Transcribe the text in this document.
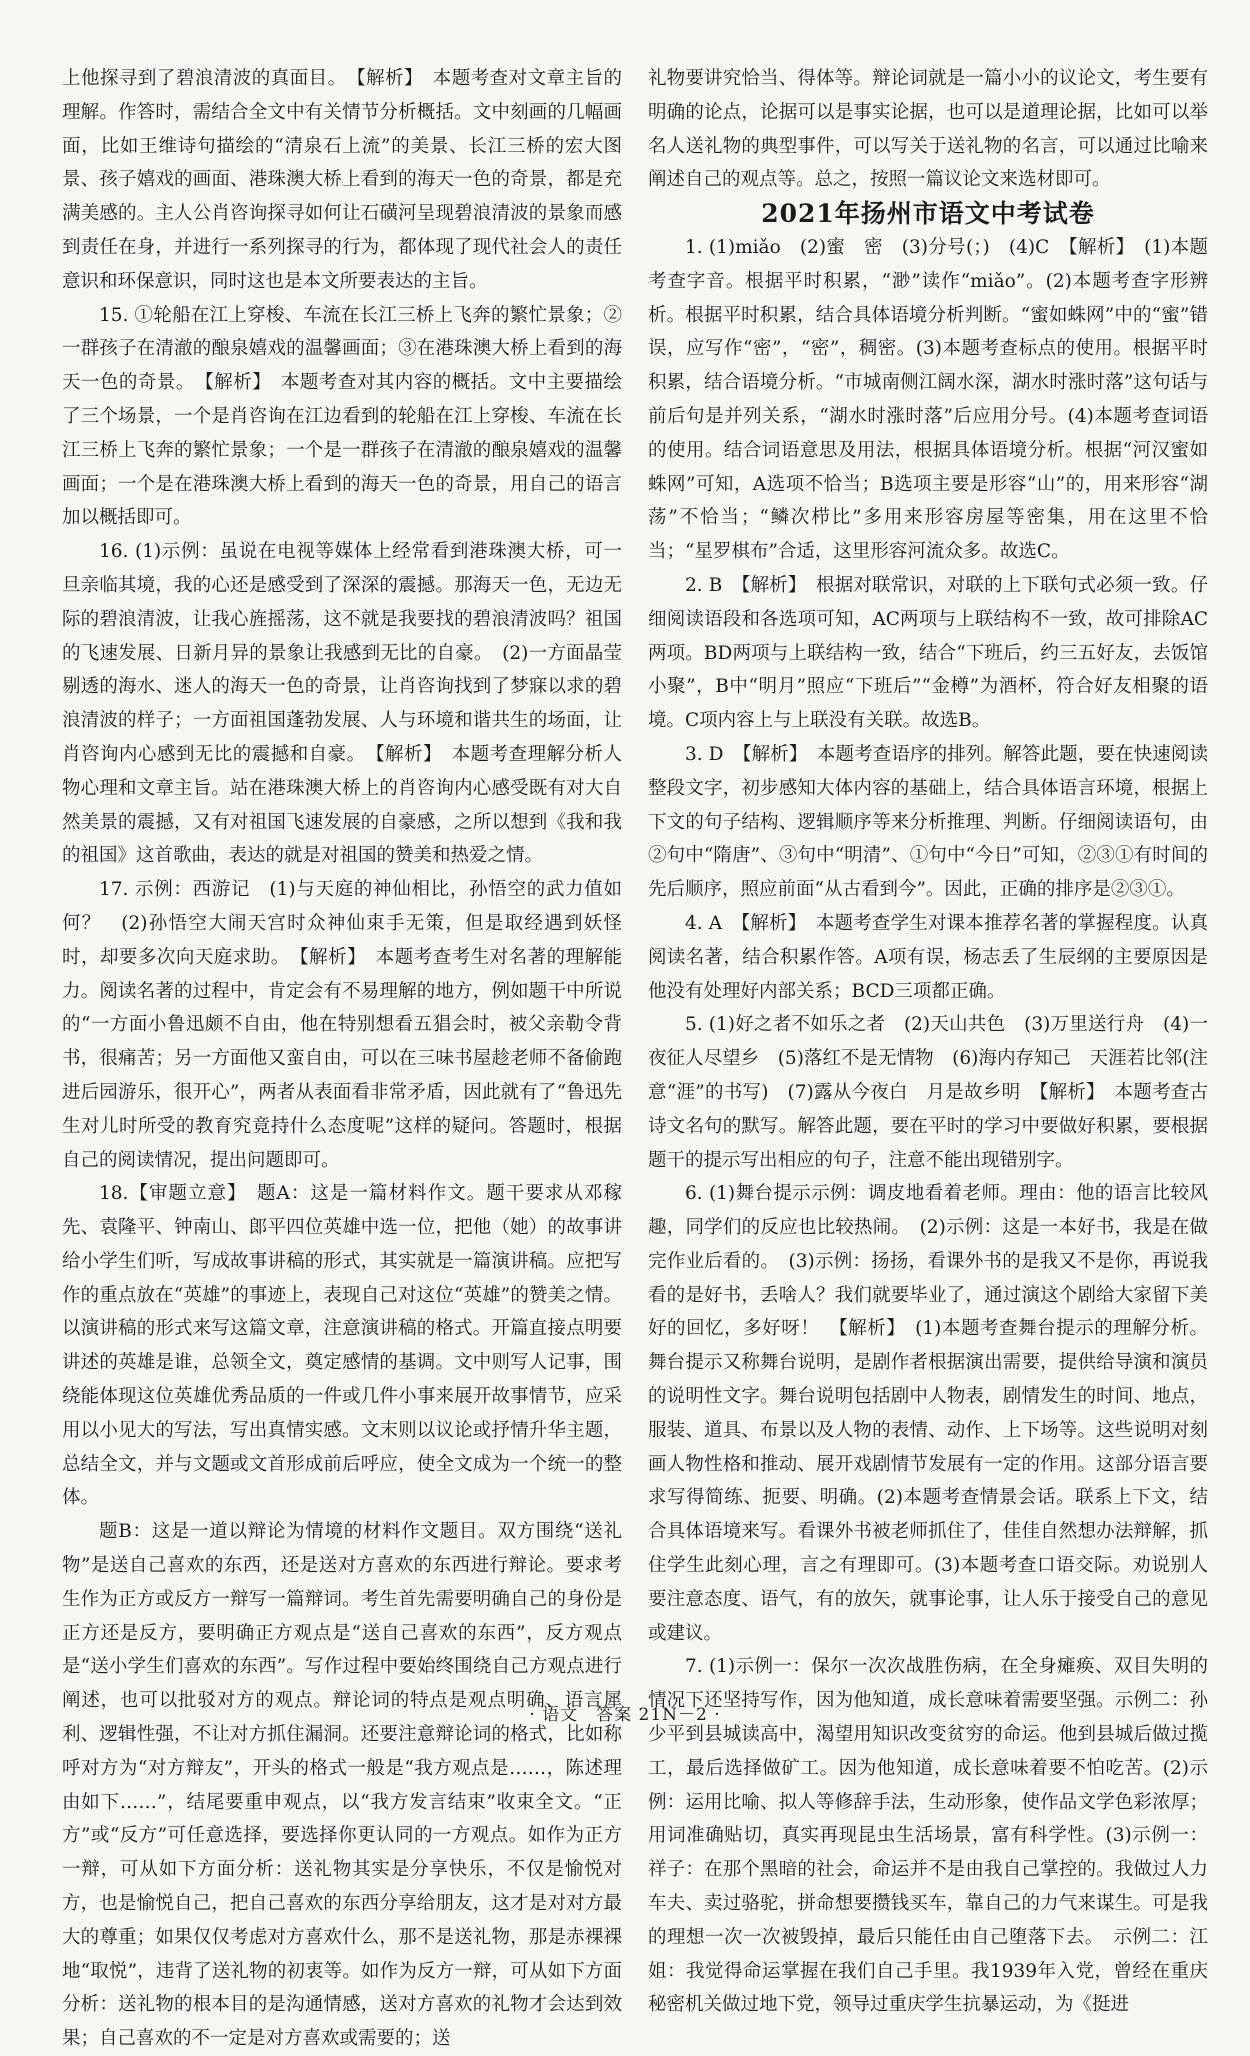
上他探寻到了碧浪清波的真面目。　【解析】　本题考查对文章主旨的理解。作答时，需结合全文中有关情节分析概括。文中刻画的几幅画面，比如王维诗句描绘的“清泉石上流”的美景、长江三桥的宏大图景、孩子嬉戏的画面、港珠澳大桥上看到的海天一色的奇景，都是充满美感的。主人公肖咨询探寻如何让石磺河呈现碧浪清波的景象而感到责任在身，并进行一系列探寻的行为，都体现了现代社会人的责任意识和环保意识，同时这也是本文所要表达的主旨。

15. ①轮船在江上穿梭、车流在长江三桥上飞奔的繁忙景象；②一群孩子在清澈的酿泉嬉戏的温馨画面；③在港珠澳大桥上看到的海天一色的奇景。　【解析】　本题考查对其内容的概括。文中主要描绘了三个场景，一个是肖咨询在江边看到的轮船在江上穿梭、车流在长江三桥上飞奔的繁忙景象；一个是一群孩子在清澈的酿泉嬉戏的温馨画面；一个是在港珠澳大桥上看到的海天一色的奇景，用自己的语言加以概括即可。

16. (1)示例：虽说在电视等媒体上经常看到港珠澳大桥，可一旦亲临其境，我的心还是感受到了深深的震撼。那海天一色，无边无际的碧浪清波，让我心旌摇荡，这不就是我要找的碧浪清波吗？祖国的飞速发展、日新月异的景象让我感到无比的自豪。　(2)一方面晶莹剔透的海水、迷人的海天一色的奇景，让肖咨询找到了梦寐以求的碧浪清波的样子；一方面祖国蓬勃发展、人与环境和谐共生的场面，让肖咨询内心感到无比的震撼和自豪。　【解析】　本题考查理解分析人物心理和文章主旨。站在港珠澳大桥上的肖咨询内心感受既有对大自然美景的震撼，又有对祖国飞速发展的自豪感，之所以想到《我和我的祖国》这首歌曲，表达的就是对祖国的赞美和热爱之情。

17. 示例：西游记　(1)与天庭的神仙相比，孙悟空的武力值如何？　(2)孙悟空大闹天宫时众神仙束手无策，但是取经遇到妖怪时，却要多次向天庭求助。　【解析】　本题考查考生对名著的理解能力。阅读名著的过程中，肯定会有不易理解的地方，例如题干中所说的“一方面小鲁迅颇不自由，他在特别想看五猖会时，被父亲勒令背书，很痛苦；另一方面他又蛮自由，可以在三味书屋趁老师不备偷跑进后园游乐，很开心”，两者从表面看非常矛盾，因此就有了“鲁迅先生对儿时所受的教育究竟持什么态度呢”这样的疑问。答题时，根据自己的阅读情况，提出问题即可。

18.【审题立意】　题A：这是一篇材料作文。题干要求从邓稼先、袁隆平、钟南山、郎平四位英雄中选一位，把他（她）的故事讲给小学生们听，写成故事讲稿的形式，其实就是一篇演讲稿。应把写作的重点放在“英雄”的事迹上，表现自己对这位“英雄”的赞美之情。以演讲稿的形式来写这篇文章，注意演讲稿的格式。开篇直接点明要讲述的英雄是谁，总领全文，奠定感情的基调。文中则写人记事，围绕能体现这位英雄优秀品质的一件或几件小事来展开故事情节，应采用以小见大的写法，写出真情实感。文末则以议论或抒情升华主题，总结全文，并与文题或文首形成前后呼应，使全文成为一个统一的整体。

题B：这是一道以辩论为情境的材料作文题目。双方围绕“送礼物”是送自己喜欢的东西，还是送对方喜欢的东西进行辩论。要求考生作为正方或反方一辩写一篇辩词。考生首先需要明确自己的身份是正方还是反方，要明确正方观点是“送自己喜欢的东西”，反方观点是“送小学生们喜欢的东西”。写作过程中要始终围绕自己方观点进行阐述，也可以批驳对方的观点。辩论词的特点是观点明确、语言犀利、逻辑性强，不让对方抓住漏洞。还要注意辩论词的格式，比如称呼对方为“对方辩友”，开头的格式一般是“我方观点是……，陈述理由如下……”，结尾要重申观点，以“我方发言结束”收束全文。“正方”或“反方”可任意选择，要选择你更认同的一方观点。如作为正方一辩，可从如下方面分析：送礼物其实是分享快乐，不仅是愉悦对方，也是愉悦自己，把自己喜欢的东西分享给朋友，这才是对对方最大的尊重；如果仅仅考虑对方喜欢什么，那不是送礼物，那是赤裸裸地“取悦”，违背了送礼物的初衷等。如作为反方一辩，可从如下方面分析：送礼物的根本目的是沟通情感，送对方喜欢的礼物才会达到效果；自己喜欢的不一定是对方喜欢或需要的；送

礼物要讲究恰当、得体等。辩论词就是一篇小小的议论文，考生要有明确的论点，论据可以是事实论据，也可以是道理论据，比如可以举名人送礼物的典型事件，可以写关于送礼物的名言，可以通过比喻来阐述自己的观点等。总之，按照一篇议论文来选材即可。

2021年扬州市语文中考试卷

1. (1)miǎo　(2)蜜　密　(3)分号(；)　(4)C　【解析】　(1)本题考查字音。根据平时积累，“渺”读作“miǎo”。(2)本题考查字形辨析。根据平时积累，结合具体语境分析判断。“蜜如蛛网”中的“蜜”错误，应写作“密”，“密”，稠密。(3)本题考查标点的使用。根据平时积累，结合语境分析。“市城南侧江阔水深，湖水时涨时落”这句话与前后句是并列关系，“湖水时涨时落”后应用分号。(4)本题考查词语的使用。结合词语意思及用法，根据具体语境分析。根据“河汉蜜如蛛网”可知，A选项不恰当；B选项主要是形容“山”的，用来形容“湖荡”不恰当；“鳞次栉比”多用来形容房屋等密集，用在这里不恰当；“星罗棋布”合适，这里形容河流众多。故选C。

2. B　【解析】　根据对联常识，对联的上下联句式必须一致。仔细阅读语段和各选项可知，AC两项与上联结构不一致，故可排除AC两项。BD两项与上联结构一致，结合“下班后，约三五好友，去饭馆小聚”，B中“明月”照应“下班后”“金樽”为酒杯，符合好友相聚的语境。C项内容上与上联没有关联。故选B。

3. D　【解析】　本题考查语序的排列。解答此题，要在快速阅读整段文字，初步感知大体内容的基础上，结合具体语言环境，根据上下文的句子结构、逻辑顺序等来分析推理、判断。仔细阅读语句，由②句中“隋唐”、③句中“明清”、①句中“今日”可知，②③①有时间的先后顺序，照应前面“从古看到今”。因此，正确的排序是②③①。

4. A　【解析】　本题考查学生对课本推荐名著的掌握程度。认真阅读名著，结合积累作答。A项有误，杨志丢了生辰纲的主要原因是他没有处理好内部关系；BCD三项都正确。

5. (1)好之者不如乐之者　(2)天山共色　(3)万里送行舟　(4)一夜征人尽望乡　(5)落红不是无情物　(6)海内存知己　天涯若比邻(注意“涯”的书写)　(7)露从今夜白　月是故乡明　【解析】　本题考查古诗文名句的默写。解答此题，要在平时的学习中要做好积累，要根据题干的提示写出相应的句子，注意不能出现错别字。

6. (1)舞台提示示例：调皮地看着老师。理由：他的语言比较风趣，同学们的反应也比较热闹。　(2)示例：这是一本好书，我是在做完作业后看的。　(3)示例：扬扬，看课外书的是我又不是你，再说我看的是好书，丢啥人？我们就要毕业了，通过演这个剧给大家留下美好的回忆，多好呀！　【解析】　(1)本题考查舞台提示的理解分析。舞台提示又称舞台说明，是剧作者根据演出需要，提供给导演和演员的说明性文字。舞台说明包括剧中人物表，剧情发生的时间、地点，服装、道具、布景以及人物的表情、动作、上下场等。这些说明对刻画人物性格和推动、展开戏剧情节发展有一定的作用。这部分语言要求写得简练、扼要、明确。(2)本题考查情景会话。联系上下文，结合具体语境来写。看课外书被老师抓住了，佳佳自然想办法辩解，抓住学生此刻心理，言之有理即可。(3)本题考查口语交际。劝说别人要注意态度、语气，有的放矢，就事论事，让人乐于接受自己的意见或建议。

7. (1)示例一：保尔一次次战胜伤病，在全身瘫痪、双目失明的情况下还坚持写作，因为他知道，成长意味着需要坚强。示例二：孙少平到县城读高中，渴望用知识改变贫穷的命运。他到县城后做过揽工，最后选择做矿工。因为他知道，成长意味着要不怕吃苦。(2)示例：运用比喻、拟人等修辞手法，生动形象，使作品文学色彩浓厚；用词准确贴切，真实再现昆虫生活场景，富有科学性。(3)示例一：祥子：在那个黑暗的社会，命运并不是由我自己掌控的。我做过人力车夫、卖过骆驼，拼命想要攒钱买车，靠自己的力气来谋生。可是我的理想一次一次被毁掉，最后只能任由自己堕落下去。　示例二：江姐：我觉得命运掌握在我们自己手里。我1939年入党，曾经在重庆秘密机关做过地下党，领导过重庆学生抗暴运动，为《挺进

· 语文　答案 21N－2 ·
